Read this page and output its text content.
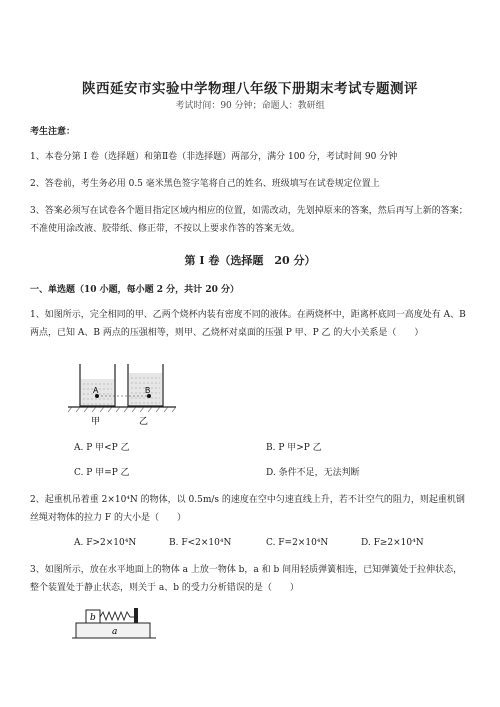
陕西延安市实验中学物理八年级下册期末考试专题测评
考试时间：90 分钟；命题人：教研组
考生注意：
1、本卷分第 I 卷（选择题）和第Ⅱ卷（非选择题）两部分，满分 100 分，考试时间 90 分钟
2、答卷前，考生务必用 0.5 毫米黑色签字笔将自己的姓名、班级填写在试卷规定位置上
3、答案必须写在试卷各个题目指定区域内相应的位置，如需改动，先划掉原来的答案，然后再写上新的答案；不准使用涂改液、胶带纸、修正带，不按以上要求作答的答案无效。
第 I 卷（选择题　20 分）
一、单选题（10 小题，每小题 2 分，共计 20 分）
1、如图所示，完全相同的甲、乙两个烧杯内装有密度不同的液体。在两烧杯中，距离杯底同一高度处有 A、B 两点，已知 A、B 两点的压强相等，则甲、乙烧杯对桌面的压强 P 甲、P 乙 的大小关系是（　　）
A	B
甲	乙
A. P 甲<P 乙	B. P 甲>P 乙
C. P 甲=P 乙	D. 条件不足，无法判断
2、起重机吊着重 2×10⁴N 的物体，以 0.5m/s 的速度在空中匀速直线上升，若不计空气的阻力，则起重机钢丝绳对物体的拉力 F 的大小是（　　）
A. F>2×10⁴N	B. F<2×10⁴N	C. F=2×10⁴N	D. F≥2×10⁴N
3、如图所示，放在水平地面上的物体 a 上放一物体 b，a 和 b 间用轻质弹簧相连，已知弹簧处于拉伸状态，整个装置处于静止状态，则关于 a、b 的受力分析错误的是（　　）
b
a
